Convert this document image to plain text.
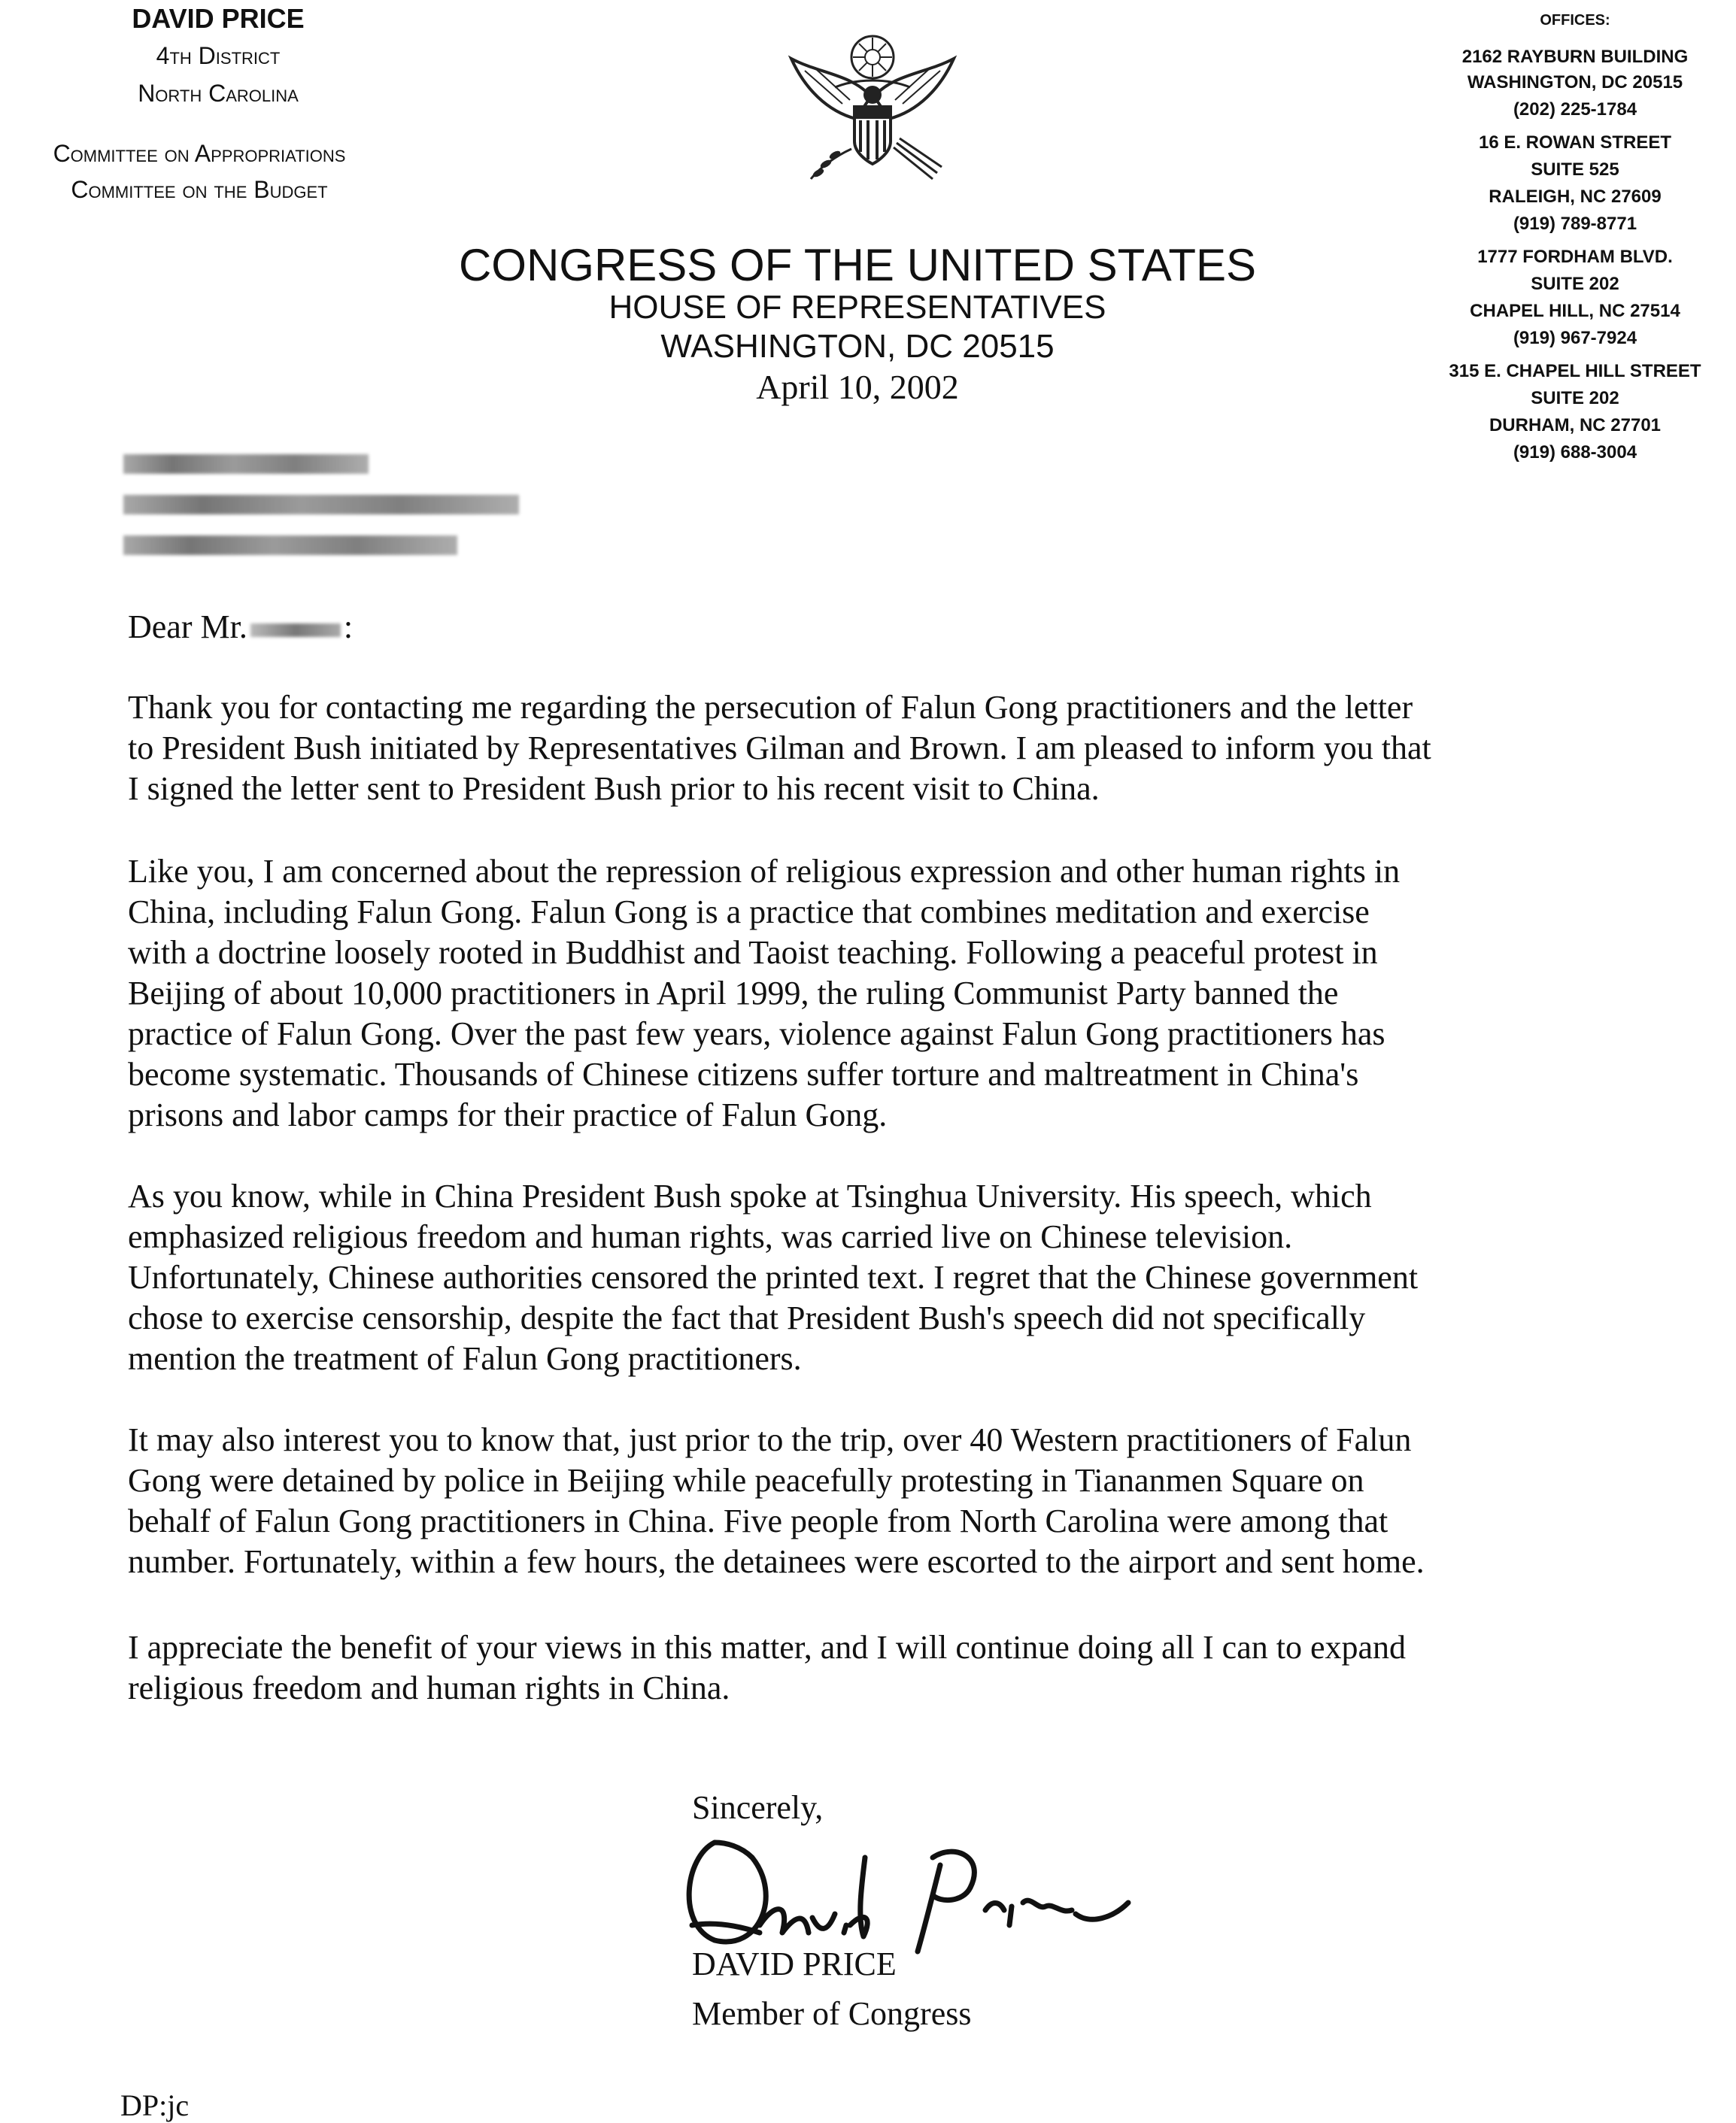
DAVID PRICE
4th District
North Carolina
Committee on Appropriations
Committee on the Budget
CONGRESS OF THE UNITED STATES
HOUSE OF REPRESENTATIVES
WASHINGTON, DC 20515
April 10, 2002
OFFICES:
2162 RAYBURN BUILDING
WASHINGTON, DC 20515
(202) 225-1784
16 E. ROWAN STREET
SUITE 525
RALEIGH, NC 27609
(919) 789-8771
1777 FORDHAM BLVD.
SUITE 202
CHAPEL HILL, NC 27514
(919) 967-7924
315 E. CHAPEL HILL STREET
SUITE 202
DURHAM, NC 27701
(919) 688-3004
Dear Mr.	:
Thank you for contacting me regarding the persecution of Falun Gong practitioners and the letter
to President Bush initiated by Representatives Gilman and Brown. I am pleased to inform you that
I signed the letter sent to President Bush prior to his recent visit to China.
Like you, I am concerned about the repression of religious expression and other human rights in
China, including Falun Gong. Falun Gong is a practice that combines meditation and exercise
with a doctrine loosely rooted in Buddhist and Taoist teaching. Following a peaceful protest in
Beijing of about 10,000 practitioners in April 1999, the ruling Communist Party banned the
practice of Falun Gong. Over the past few years, violence against Falun Gong practitioners has
become systematic. Thousands of Chinese citizens suffer torture and maltreatment in China's
prisons and labor camps for their practice of Falun Gong.
As you know, while in China President Bush spoke at Tsinghua University. His speech, which
emphasized religious freedom and human rights, was carried live on Chinese television.
Unfortunately, Chinese authorities censored the printed text. I regret that the Chinese government
chose to exercise censorship, despite the fact that President Bush's speech did not specifically
mention the treatment of Falun Gong practitioners.
It may also interest you to know that, just prior to the trip, over 40 Western practitioners of Falun
Gong were detained by police in Beijing while peacefully protesting in Tiananmen Square on
behalf of Falun Gong practitioners in China. Five people from North Carolina were among that
number. Fortunately, within a few hours, the detainees were escorted to the airport and sent home.
I appreciate the benefit of your views in this matter, and I will continue doing all I can to expand
religious freedom and human rights in China.
Sincerely,
DAVID PRICE
Member of Congress
DP:jc
